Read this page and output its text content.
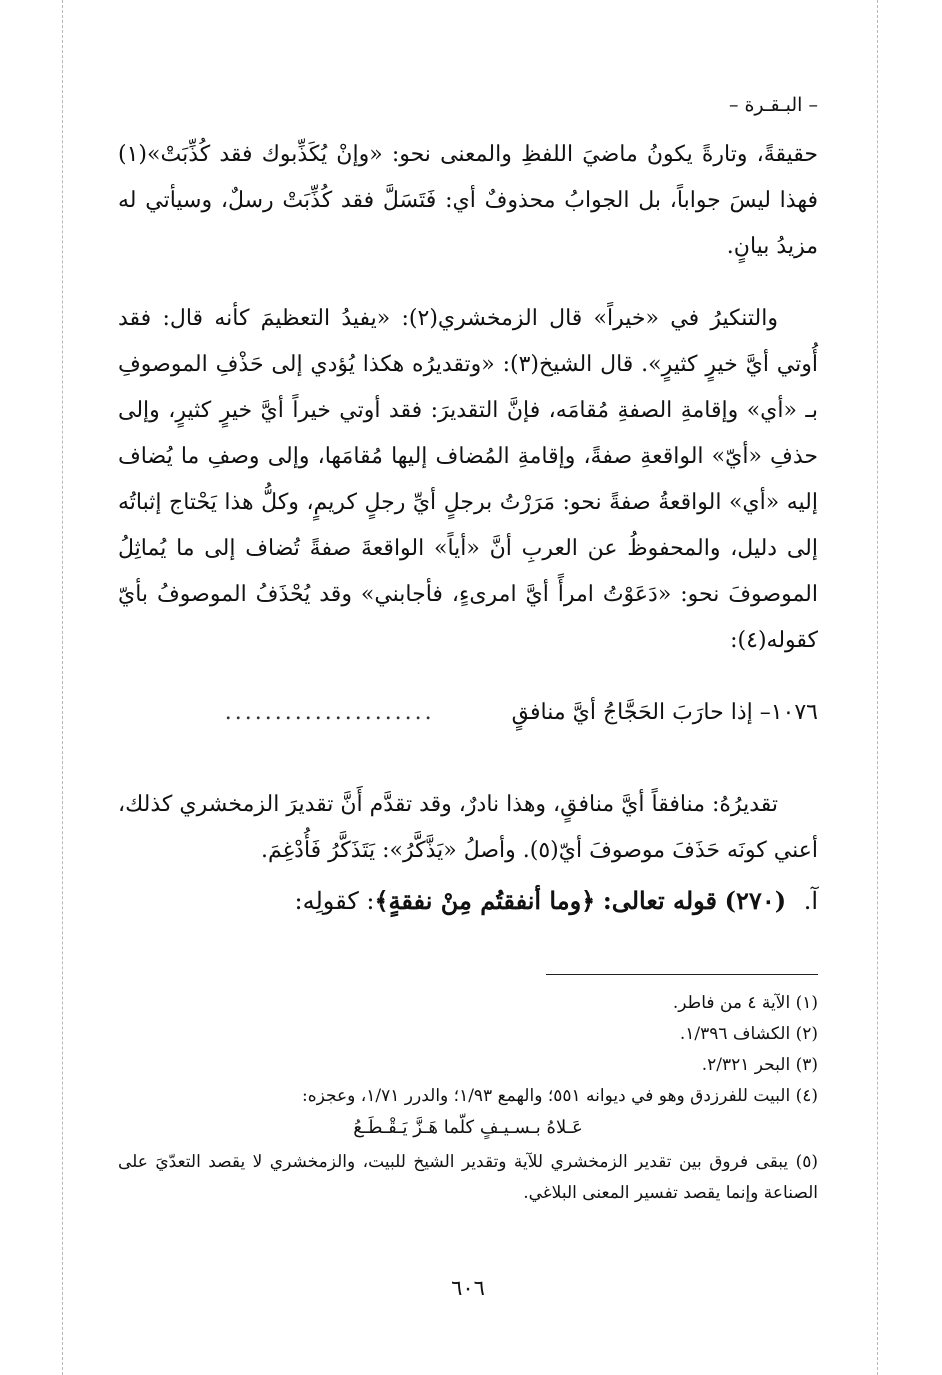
– البـقـرة –

حقيقةً، وتارةً يكونُ ماضيَ اللفظِ والمعنى نحو: «وإنْ يُكَذِّبوك فقد كُذِّبَتْ»(١) فهذا ليسَ جواباً، بل الجوابُ محذوفٌ أي: فَتَسَلَّ فقد كُذِّبَتْ رسلٌ، وسيأتي له مزيدُ بيانٍ.

والتنكيرُ في «خيراً» قال الزمخشري(٢): «يفيدُ التعظيمَ كأنه قال: فقد أُوتي أيَّ خيرٍ كثيرٍ». قال الشيخ(٣): «وتقديرُه هكذا يُؤدي إلى حَذْفِ الموصوفِ بـ «أي» وإقامةِ الصفةِ مُقامَه، فإنَّ التقديرَ: فقد أوتي خيراً أيَّ خيرٍ كثيرٍ، وإلى حذفِ «أيّ» الواقعةِ صفةً، وإقامةِ المُضاف إليها مُقامَها، وإلى وصفِ ما يُضاف إليه «أي» الواقعةُ صفةً نحو: مَرَرْتُ برجلٍ أيِّ رجلٍ كريمٍ، وكلُّ هذا يَحْتاج إثباتُه إلى دليل، والمحفوظُ عن العربِ أنَّ «أياً» الواقعةَ صفةً تُضاف إلى ما يُماثِلُ الموصوفَ نحو: «دَعَوْتُ امرأً أيَّ امرىءٍ، فأجابني» وقد يُحْذَفُ الموصوفُ بأيّ كقوله(٤):

١٠٧٦– إذا حارَبَ الحَجَّاجُ أيَّ منافقٍ .....................

تقديرُهُ: منافقاً أيَّ منافقٍ، وهذا نادرٌ، وقد تقدَّم أَنَّ تقديرَ الزمخشري كذلك، أعني كونَه حَذَفَ موصوفَ أيّ(٥). وأصلُ «يَذَّكَّرُ»: يَتَذَكَّرُ فَأُدْغِمَ.

آ. (٢٧٠) قوله تعالى: ﴿وما أنفقتُم مِنْ نفقةٍ﴾: كقولِه:

(١) الآية ٤ من فاطر.

(٢) الكشاف ١/٣٩٦.

(٣) البحر ٢/٣٢١.

(٤) البيت للفرزدق وهو في ديوانه ٥٥١؛ والهمع ١/٩٣؛ والدرر ١/٧١، وعجزه:

عَـلاهُ بـسـيـفٍ كلّما هَـزَّ يَـقْـطَـعُ

(٥) يبقى فروق بين تقدير الزمخشري للآية وتقدير الشيخ للبيت، والزمخشري لا يقصد التعدّيَ على الصناعة وإنما يقصد تفسير المعنى البلاغي.

٦٠٦
